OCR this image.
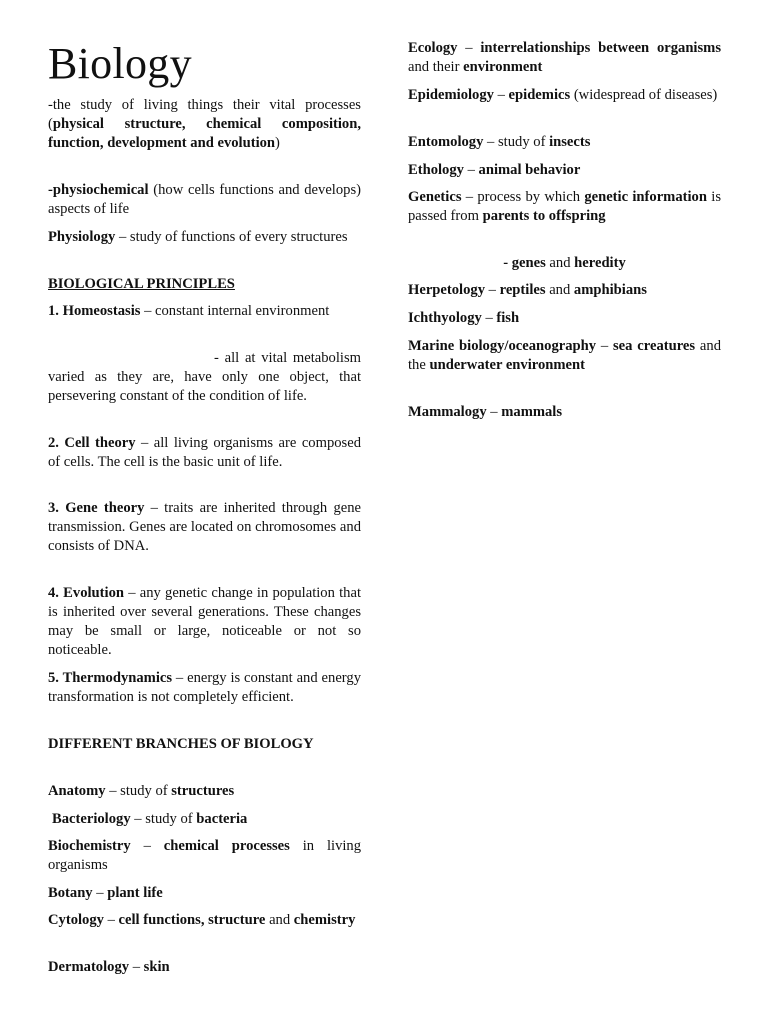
Biology

-the study of living things their vital processes (physical structure, chemical composition, function, development and evolution)

-physiochemical (how cells functions and develops) aspects of life

Physiology – study of functions of every structures

BIOLOGICAL PRINCIPLES

1. Homeostasis – constant internal environment

- all at vital metabolism varied as they are, have only one object, that persevering constant of the condition of life.

2. Cell theory – all living organisms are composed of cells. The cell is the basic unit of life.

3. Gene theory – traits are inherited through gene transmission. Genes are located on chromosomes and consists of DNA.

4. Evolution – any genetic change in population that is inherited over several generations. These changes may be small or large, noticeable or not so noticeable.

5. Thermodynamics – energy is constant and energy transformation is not completely efficient.

DIFFERENT BRANCHES OF BIOLOGY

Anatomy – study of structures

Bacteriology – study of bacteria

Biochemistry – chemical processes in living organisms

Botany – plant life

Cytology – cell functions, structure and chemistry

Dermatology – skin

Ecology – interrelationships between organisms and their environment

Epidemiology – epidemics (widespread of diseases)

Entomology – study of insects

Ethology – animal behavior

Genetics – process by which genetic information is passed from parents to offspring

- genes and heredity

Herpetology – reptiles and amphibians

Ichthyology – fish

Marine biology/oceanography – sea creatures and the underwater environment

Mammalogy – mammals
